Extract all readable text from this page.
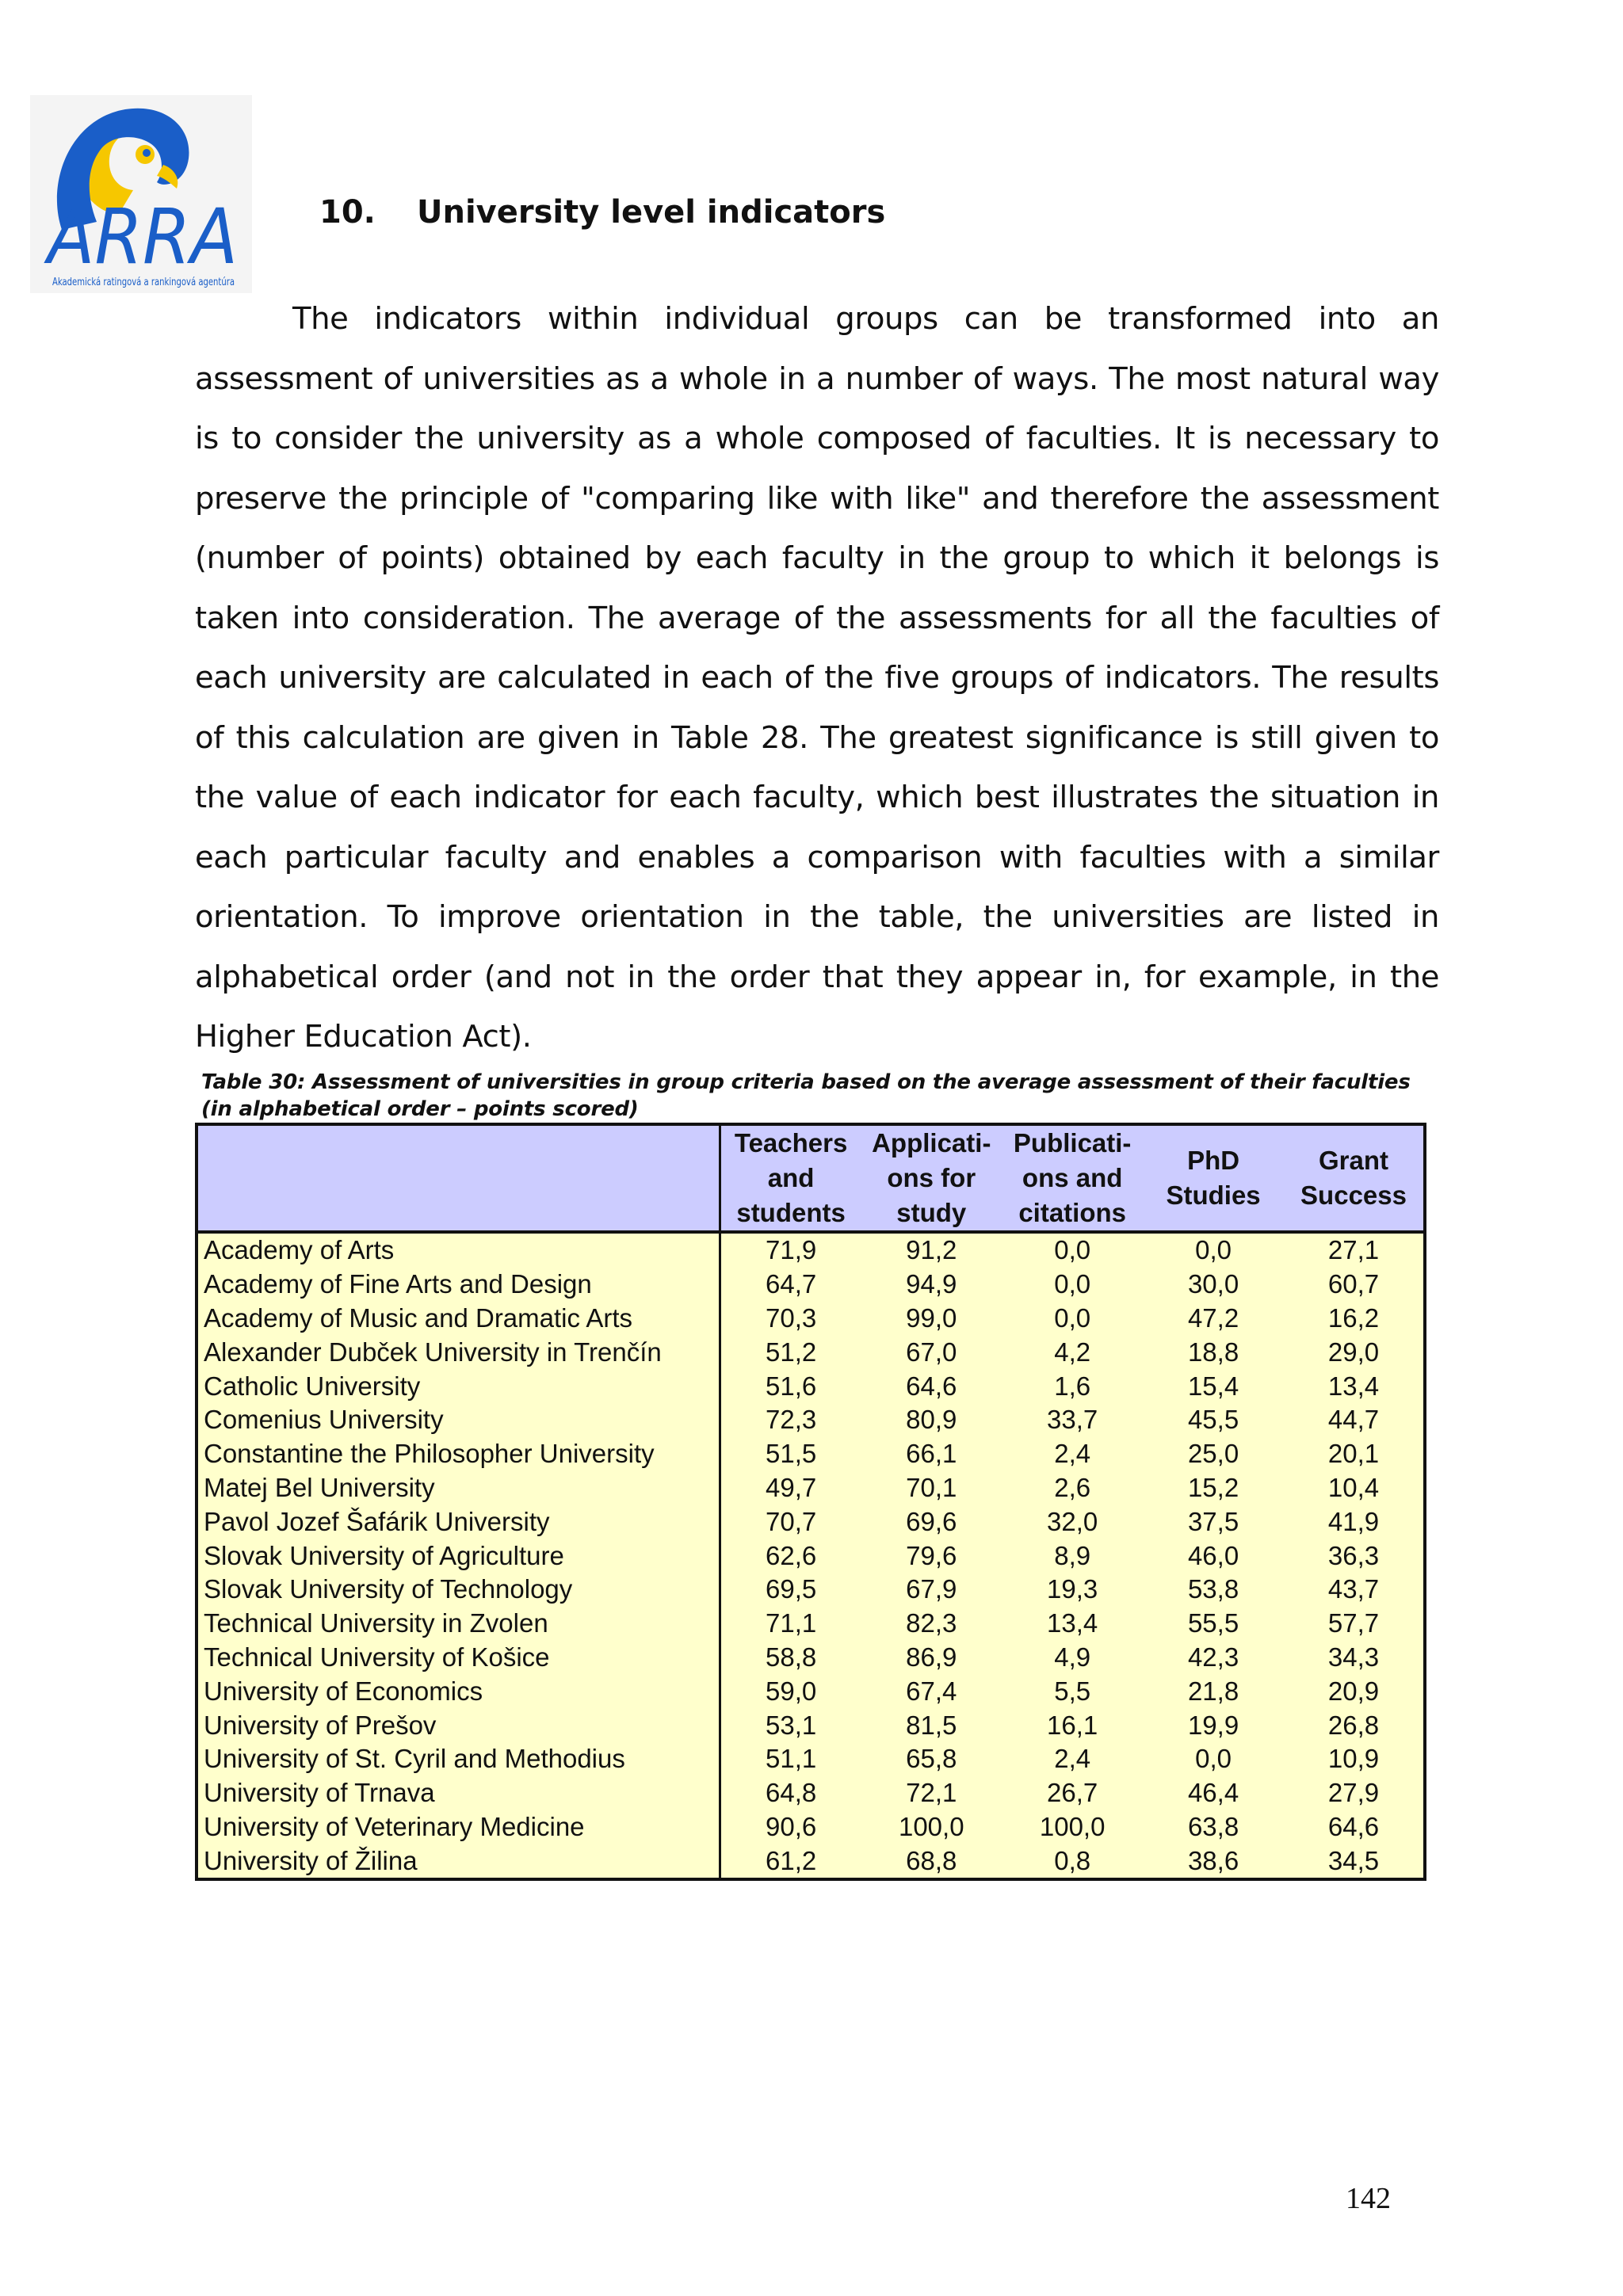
ARRA
Akademická ratingová a rankingová agentúra
10. University level indicators

The indicators within individual groups can be transformed into an assessment of universities as a whole in a number of ways. The most natural way is to consider the university as a whole composed of faculties. It is necessary to preserve the principle of "comparing like with like" and therefore the assessment (number of points) obtained by each faculty in the group to which it belongs is taken into consideration. The average of the assessments for all the faculties of each university are calculated in each of the five groups of indicators. The results of this calculation are given in Table 28. The greatest significance is still given to the value of each indicator for each faculty, which best illustrates the situation in each particular faculty and enables a comparison with faculties with a similar orientation. To improve orientation in the table, the universities are listed in alphabetical order (and not in the order that they appear in, for example, in the Higher Education Act).

Table 30: Assessment of universities in group criteria based on the average assessment of their faculties (in alphabetical order – points scored)

	Teachers and students	Applicati-ons for study	Publicati-ons and citations	PhD Studies	Grant Success
Academy of Arts	71,9	91,2	0,0	0,0	27,1
Academy of Fine Arts and Design	64,7	94,9	0,0	30,0	60,7
Academy of Music and Dramatic Arts	70,3	99,0	0,0	47,2	16,2
Alexander Dubček University in Trenčín	51,2	67,0	4,2	18,8	29,0
Catholic University	51,6	64,6	1,6	15,4	13,4
Comenius University	72,3	80,9	33,7	45,5	44,7
Constantine the Philosopher University	51,5	66,1	2,4	25,0	20,1
Matej Bel University	49,7	70,1	2,6	15,2	10,4
Pavol Jozef Šafárik University	70,7	69,6	32,0	37,5	41,9
Slovak University of Agriculture	62,6	79,6	8,9	46,0	36,3
Slovak University of Technology	69,5	67,9	19,3	53,8	43,7
Technical University in Zvolen	71,1	82,3	13,4	55,5	57,7
Technical University of Košice	58,8	86,9	4,9	42,3	34,3
University of Economics	59,0	67,4	5,5	21,8	20,9
University of Prešov	53,1	81,5	16,1	19,9	26,8
University of St. Cyril and Methodius	51,1	65,8	2,4	0,0	10,9
University of Trnava	64,8	72,1	26,7	46,4	27,9
University of Veterinary Medicine	90,6	100,0	100,0	63,8	64,6
University of Žilina	61,2	68,8	0,8	38,6	34,5
142
